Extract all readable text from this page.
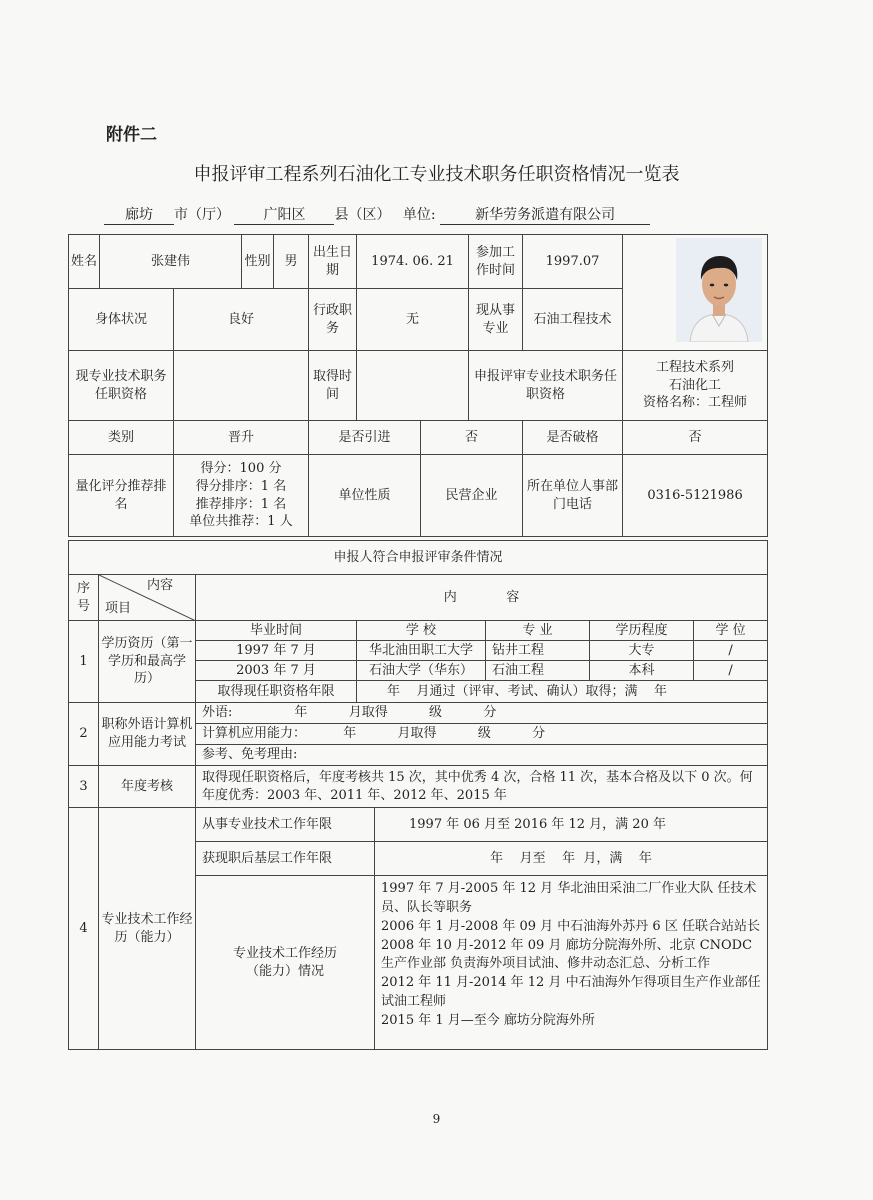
附件二
申报评审工程系列石油化工专业技术职务任职资格情况一览表
廊坊 市（厅） 广阳区 县（区） 单位:	新华劳务派遣有限公司
姓名	张建伟		性别	男	出生日期	1974. 06. 21		参加工作时间	1997.07	
身体状况		良好			行政职务	无		现从事专业	石油工程技术	
现专业技术职务任职资格					取得时间			申报评审专业技术职务任职资格		工程技术系列
石油化工
资格名称：工程师

类别		晋升			是否引进		否		是否破格	否
量化评分推荐排名		得分：100 分
得分排序：1 名
推荐排序：1 名
单位共推荐：1 人			单位性质		民营企业		所在单位人事部门电话	0316-5121986
申报人符合申报评审条件情况							
序号	内容
项目	内            容					
1	学历资历（第一学历和最高学历）	毕业时间	学 校		专 业	学历程度	学 位
		1997 年 7 月	华北油田职工大学		钻井工程	大专	/
		2003 年 7 月	石油大学（华东）		石油工程	本科	/
		取得现任职资格年限	年    月通过（评审、考试、确认）取得；满    年				
2	职称外语计算机应用能力考试	外语:               年          月取得          级          分					
		计算机应用能力：         年          月取得          级          分					
		参考、免考理由:					
3	年度考核	取得现任职资格后，年度考核共 15 次，其中优秀 4 次，合格 11 次，基本合格及以下 0 次。何年度优秀：2003 年、2011 年、2012 年、2015 年					
4	专业技术工作经历（能力）	从事专业技术工作年限		1997 年 06 月至 2016 年 12 月，满 20 年			
		获现职后基层工作年限		年    月至    年  月，满    年			
		专业技术工作经历（能力）情况		1997 年 7 月-2005 年 12 月 华北油田采油二厂作业大队 任技术员、队长等职务
2006 年 1 月-2008 年 09 月 中石油海外苏丹 6 区 任联合站站长
2008 年 10 月-2012 年 09 月 廊坊分院海外所、北京 CNODC 生产作业部 负责海外项目试油、修井动态汇总、分析工作
2012 年 11 月-2014 年 12 月 中石油海外乍得项目生产作业部任试油工程师
2015 年 1 月—至今 廊坊分院海外所			
9
